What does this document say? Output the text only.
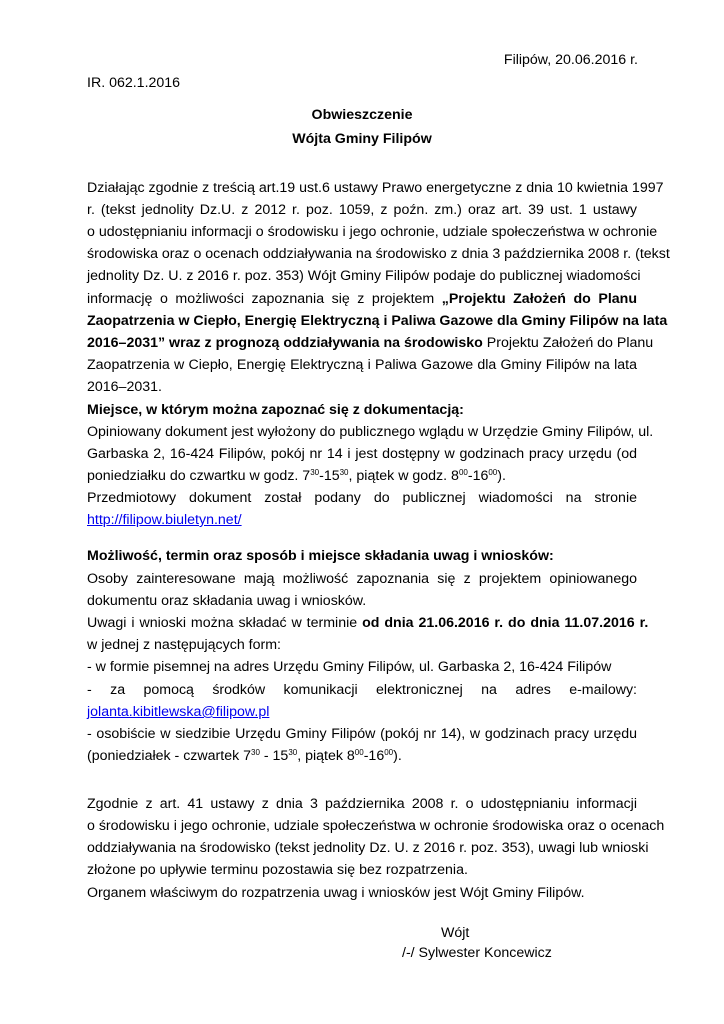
Filipów, 20.06.2016 r.
IR. 062.1.2016
Obwieszczenie
Wójta Gminy Filipów
Działając zgodnie z treścią art.19 ust.6 ustawy Prawo energetyczne z dnia 10 kwietnia 1997
r. (tekst jednolity Dz.U. z 2012 r. poz. 1059, z poźn. zm.) oraz art. 39 ust. 1 ustawy
o udostępnianiu informacji o środowisku i jego ochronie, udziale społeczeństwa w ochronie
środowiska oraz o ocenach oddziaływania na środowisko z dnia 3 października 2008 r. (tekst
jednolity Dz. U. z 2016 r. poz. 353) Wójt Gminy Filipów podaje do publicznej wiadomości
informację o możliwości zapoznania się z projektem „Projektu Założeń do Planu
Zaopatrzenia w Ciepło, Energię Elektryczną i Paliwa Gazowe dla Gminy Filipów na lata
2016–2031” wraz z prognozą oddziaływania na środowisko Projektu Założeń do Planu
Zaopatrzenia w Ciepło, Energię Elektryczną i Paliwa Gazowe dla Gminy Filipów na lata
2016–2031.
Miejsce, w którym można zapoznać się z dokumentacją:
Opiniowany dokument jest wyłożony do publicznego wglądu w Urzędzie Gminy Filipów, ul.
Garbaska 2, 16-424 Filipów, pokój nr 14 i jest dostępny w godzinach pracy urzędu (od
poniedziałku do czwartku w godz. $7^{30}-15^{30}$, piątek w godz. $8^{00}-16^{00}$).
Przedmiotowy dokument został podany do publicznej wiadomości na stronie
http://filipow.biuletyn.net/
Możliwość, termin oraz sposób i miejsce składania uwag i wniosków:
Osoby zainteresowane mają możliwość zapoznania się z projektem opiniowanego
dokumentu oraz składania uwag i wniosków.
Uwagi i wnioski można składać w terminie od dnia 21.06.2016 r. do dnia 11.07.2016 r.
w jednej z następujących form:
- w formie pisemnej na adres Urzędu Gminy Filipów, ul. Garbaska 2, 16-424 Filipów
- za pomocą środków komunikacji elektronicznej na adres e-mailowy:
jolanta.kibitlewska@filipow.pl
- osobiście w siedzibie Urzędu Gminy Filipów (pokój nr 14), w godzinach pracy urzędu
(poniedziałek - czwartek $7^{30} - 15^{30}$, piątek $8^{00}-16^{00}$).
Zgodnie z art. 41 ustawy z dnia 3 października 2008 r. o udostępnianiu informacji
o środowisku i jego ochronie, udziale społeczeństwa w ochronie środowiska oraz o ocenach
oddziaływania na środowisko (tekst jednolity Dz. U. z 2016 r. poz. 353), uwagi lub wnioski
złożone po upływie terminu pozostawia się bez rozpatrzenia.
Organem właściwym do rozpatrzenia uwag i wniosków jest Wójt Gminy Filipów.
Wójt
/-/ Sylwester Koncewicz
